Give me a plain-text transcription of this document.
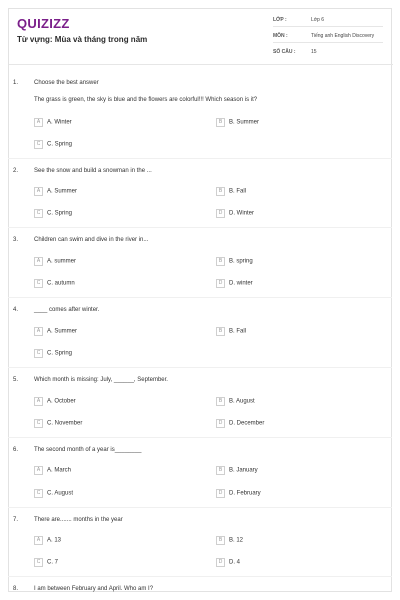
QUIZIZZ
Từ vựng: Mùa và tháng trong năm
LỚP :	Lớp 6
MÔN :	Tiếng anh English Discovery
SỐ CÂU :	15
1.	Choose the best answer
The grass is green, the sky is blue and the flowers are colorful!!! Which season is it?
A A. Winter	B B. Summer
C C. Spring
2.	See the snow and build a snowman in the ...
A A. Summer	B B. Fall
C C. Spring	D D. Winter
3.	Children can swim and dive in the river in...
A A. summer	B B. spring
C C. autumn	D D. winter
4.	____ comes after winter.
A A. Summer	B B. Fall
C C. Spring
5.	Which month is missing: July, ______, September.
A A. October	B B. August
C C. November	D D. December
6.	The second month of a year is________
A A. March	B B. January
C C. August	D D. February
7.	There are....... months in the year
A A. 13	B B. 12
C C. 7	D D. 4
8.	I am between February and April. Who am I?
